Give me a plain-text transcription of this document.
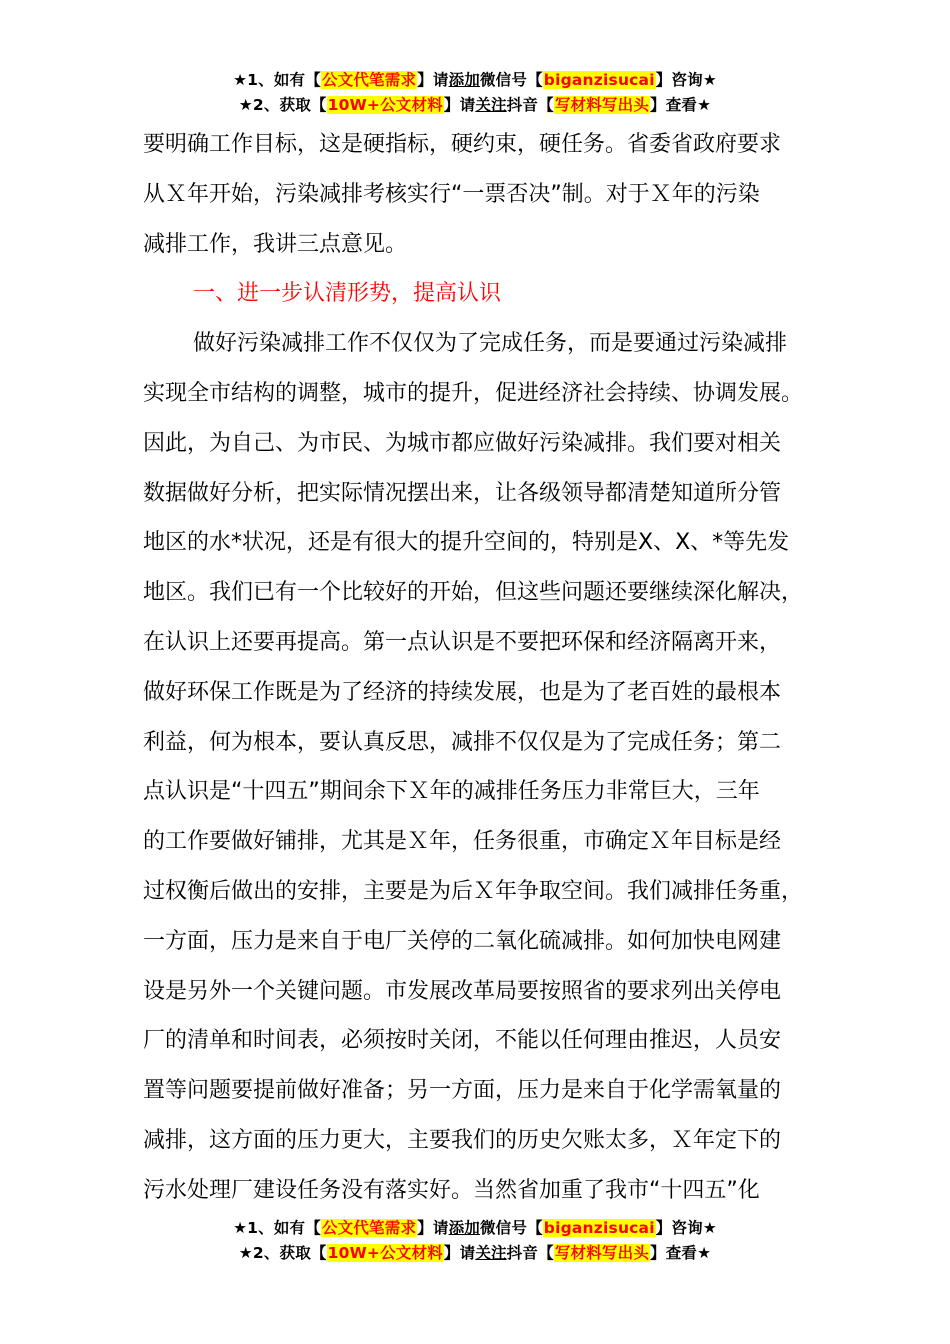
★1、如有【公文代笔需求】请添加微信号【biganzisucai】咨询★
★2、获取【10W+公文材料】请关注抖音【写材料写出头】查看★
要明确工作目标，这是硬指标，硬约束，硬任务。省委省政府要求
从Ｘ年开始，污染减排考核实行“一票否决”制。对于Ｘ年的污染
减排工作，我讲三点意见。
一、进一步认清形势，提高认识
做好污染减排工作不仅仅为了完成任务，而是要通过污染减排
实现全市结构的调整，城市的提升，促进经济社会持续、协调发展。
因此，为自己、为市民、为城市都应做好污染减排。我们要对相关
数据做好分析，把实际情况摆出来，让各级领导都清楚知道所分管
地区的水*状况，还是有很大的提升空间的，特别是X、X、*等先发
地区。我们已有一个比较好的开始，但这些问题还要继续深化解决，
在认识上还要再提高。第一点认识是不要把环保和经济隔离开来，
做好环保工作既是为了经济的持续发展，也是为了老百姓的最根本
利益，何为根本，要认真反思，减排不仅仅是为了完成任务；第二
点认识是“十四五”期间余下Ｘ年的减排任务压力非常巨大，三年
的工作要做好铺排，尤其是Ｘ年，任务很重，市确定Ｘ年目标是经
过权衡后做出的安排，主要是为后Ｘ年争取空间。我们减排任务重，
一方面，压力是来自于电厂关停的二氧化硫减排。如何加快电网建
设是另外一个关键问题。市发展改革局要按照省的要求列出关停电
厂的清单和时间表，必须按时关闭，不能以任何理由推迟，人员安
置等问题要提前做好准备；另一方面，压力是来自于化学需氧量的
减排，这方面的压力更大，主要我们的历史欠账太多，Ｘ年定下的
污水处理厂建设任务没有落实好。当然省加重了我市“十四五”化
★1、如有【公文代笔需求】请添加微信号【biganzisucai】咨询★
★2、获取【10W+公文材料】请关注抖音【写材料写出头】查看★
